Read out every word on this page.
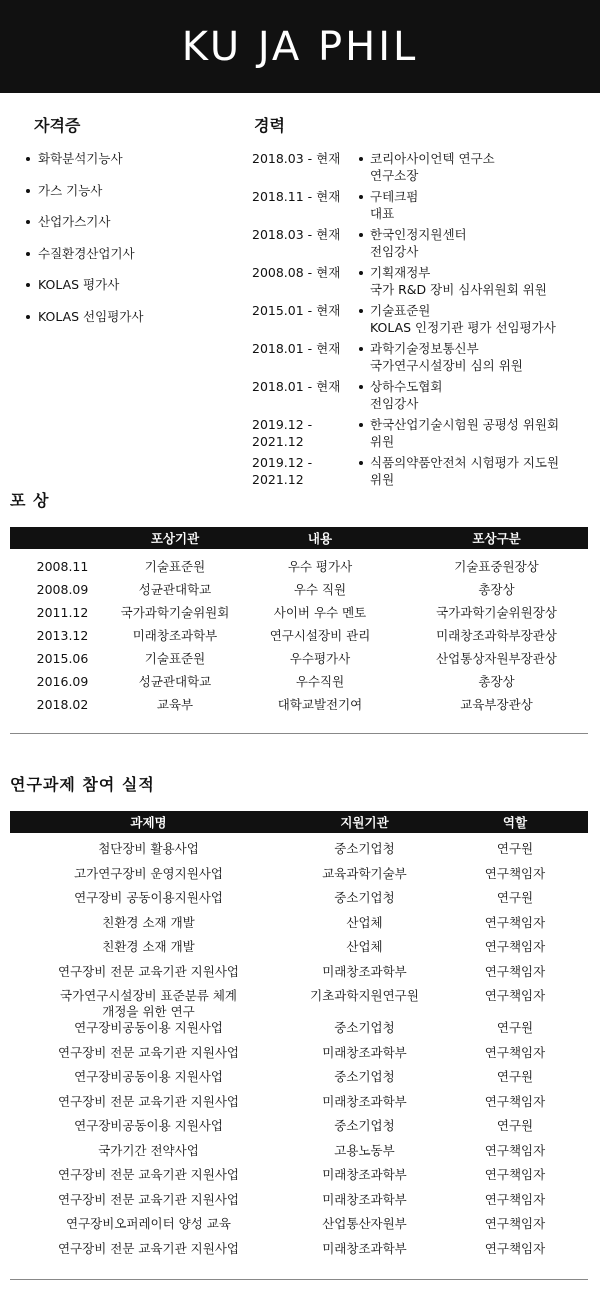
KU JA PHIL
자격증
화학분석기능사
가스 기능사
산업가스기사
수질환경산업기사
KOLAS 평가사
KOLAS 선임평가사
경력
2018.03 - 현재	코리아사이언텍 연구소
연구소장
2018.11 - 현재	구테크펌
대표
2018.03 - 현재	한국인정지원센터
전임강사
2008.08 - 현재	기획재정부
국가 R&D 장비 심사위원회 위원
2015.01 - 현재	기술표준원
KOLAS 인정기관 평가 선임평가사
2018.01 - 현재	과학기술정보통신부
국가연구시설장비 심의 위원
2018.01 - 현재	상하수도협회
전임강사
2019.12 - 2021.12
한국산업기술시험원 공평성 위원회
위원
2019.12 - 2021.12
식품의약품안전처 시험평가 지도원
위원
포 상
	포상기관	내용	포상구분
2008.11	기술표준원	우수 평가사	기술표중원장상
2008.09	성균관대학교	우수 직원	총장상
2011.12	국가과학기술위원회	사이버 우수 멘토	국가과학기술위원장상
2013.12	미래창조과학부	연구시설장비 관리	미래창조과학부장관상
2015.06	기술표준원	우수평가사	산업통상자원부장관상
2016.09	성균관대학교	우수직원	총장상
2018.02	교육부	대학교발전기여	교육부장관상
연구과제 참여 실적
과제명	지원기관	역할
첨단장비 활용사업	중소기업청	연구원
고가연구장비 운영지원사업	교육과학기술부	연구책임자
연구장비 공동이용지원사업	중소기업청	연구원
친환경 소재 개발	산업체	연구책임자
친환경 소재 개발	산업체	연구책임자
연구장비 전문 교육기관 지원사업	미래창조과학부	연구책임자
국가연구시설장비 표준분류 체계
개정을 위한 연구	기초과학지원연구원	연구책임자
연구장비공동이용 지원사업	중소기업청	연구원
연구장비 전문 교육기관 지원사업	미래창조과학부	연구책임자
연구장비공동이용 지원사업	중소기업청	연구원
연구장비 전문 교육기관 지원사업	미래창조과학부	연구책임자
연구장비공동이용 지원사업	중소기업청	연구원
국가기간 전약사업	고용노동부	연구책임자
연구장비 전문 교육기관 지원사업	미래창조과학부	연구책임자
연구장비 전문 교육기관 지원사업	미래창조과학부	연구책임자
연구장비오퍼레이터 양성 교육	산업통산자원부	연구책임자
연구장비 전문 교육기관 지원사업	미래창조과학부	연구책임자
